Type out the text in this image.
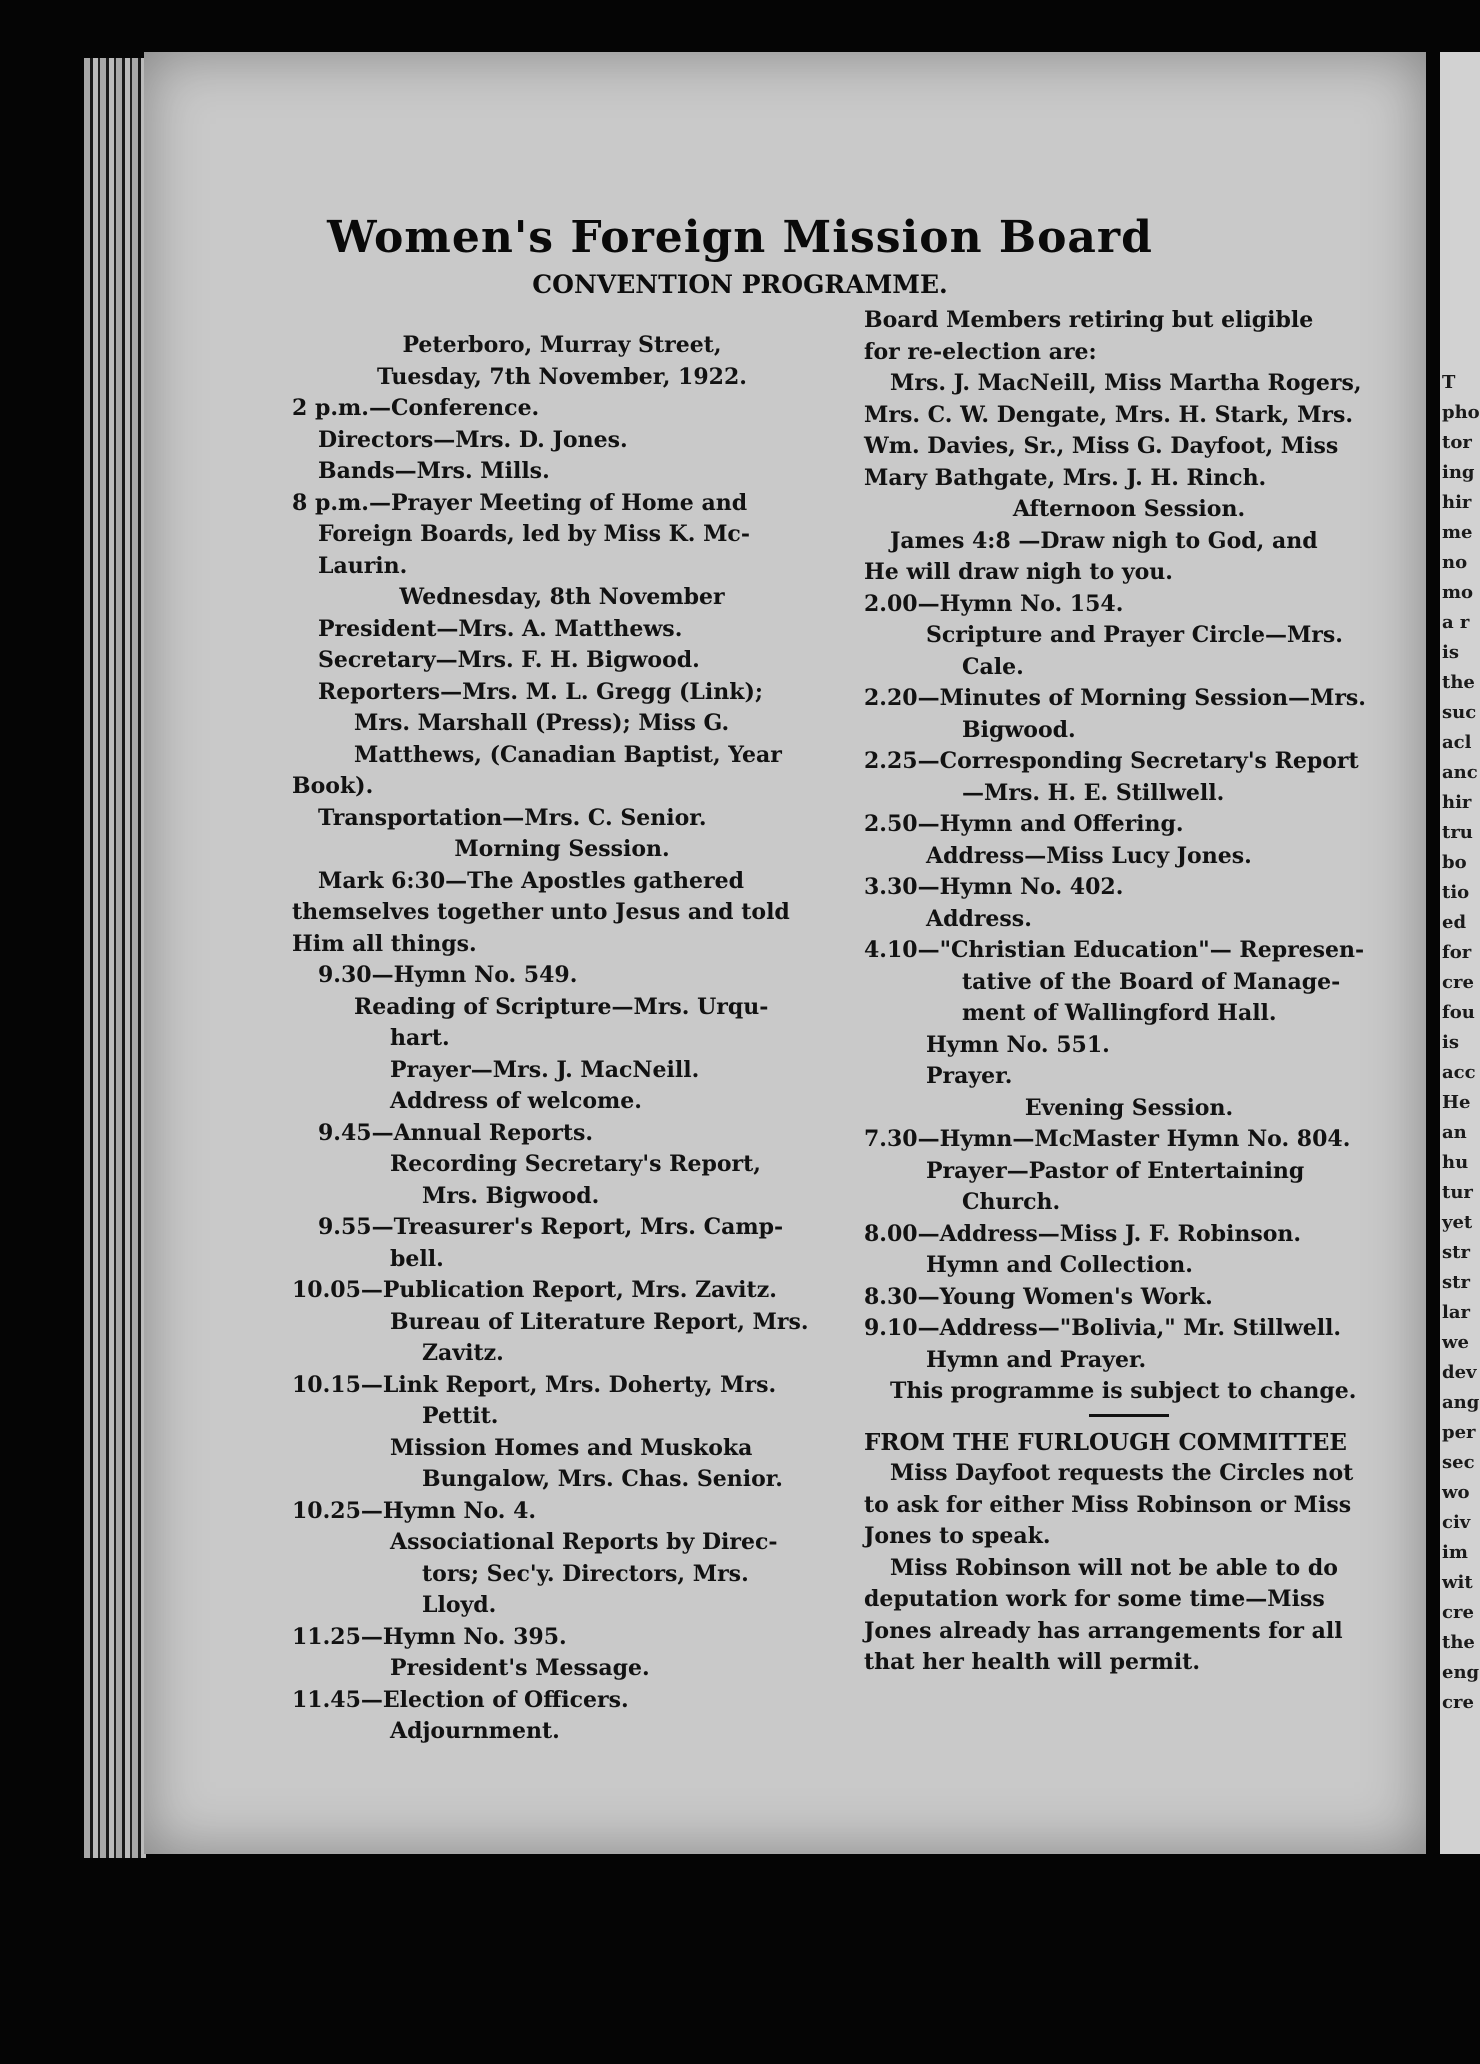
Women's Foreign Mission Board
CONVENTION PROGRAMME.
Peterboro, Murray Street,
Tuesday, 7th November, 1922.
2 p.m.—Conference.
Directors—Mrs. D. Jones.
Bands—Mrs. Mills.
8 p.m.—Prayer Meeting of Home and
Foreign Boards, led by Miss K. Mc-
Laurin.
Wednesday, 8th November
President—Mrs. A. Matthews.
Secretary—Mrs. F. H. Bigwood.
Reporters—Mrs. M. L. Gregg (Link);
Mrs. Marshall (Press); Miss G.
Matthews, (Canadian Baptist, Year
Book).
Transportation—Mrs. C. Senior.
Morning Session.
Mark 6:30—The Apostles gathered
themselves together unto Jesus and told
Him all things.
9.30—Hymn No. 549.
Reading of Scripture—Mrs. Urqu-
hart.
Prayer—Mrs. J. MacNeill.
Address of welcome.
9.45—Annual Reports.
Recording Secretary's Report,
Mrs. Bigwood.
9.55—Treasurer's Report, Mrs. Camp-
bell.
10.05—Publication Report, Mrs. Zavitz.
Bureau of Literature Report, Mrs.
Zavitz.
10.15—Link Report, Mrs. Doherty, Mrs.
Pettit.
Mission Homes and Muskoka
Bungalow, Mrs. Chas. Senior.
10.25—Hymn No. 4.
Associational Reports by Direc-
tors; Sec'y. Directors, Mrs.
Lloyd.
11.25—Hymn No. 395.
President's Message.
11.45—Election of Officers.
Adjournment.
Board Members retiring but eligible
for re-election are:
Mrs. J. MacNeill, Miss Martha Rogers,
Mrs. C. W. Dengate, Mrs. H. Stark, Mrs.
Wm. Davies, Sr., Miss G. Dayfoot, Miss
Mary Bathgate, Mrs. J. H. Rinch.
Afternoon Session.
James 4:8 —Draw nigh to God, and
He will draw nigh to you.
2.00—Hymn No. 154.
Scripture and Prayer Circle—Mrs.
Cale.
2.20—Minutes of Morning Session—Mrs.
Bigwood.
2.25—Corresponding Secretary's Report
—Mrs. H. E. Stillwell.
2.50—Hymn and Offering.
Address—Miss Lucy Jones.
3.30—Hymn No. 402.
Address.
4.10—"Christian Education"— Represen-
tative of the Board of Manage-
ment of Wallingford Hall.
Hymn No. 551.
Prayer.
Evening Session.
7.30—Hymn—McMaster Hymn No. 804.
Prayer—Pastor of Entertaining
Church.
8.00—Address—Miss J. F. Robinson.
Hymn and Collection.
8.30—Young Women's Work.
9.10—Address—"Bolivia," Mr. Stillwell.
Hymn and Prayer.
This programme is subject to change.
FROM THE FURLOUGH COMMITTEE
Miss Dayfoot requests the Circles not
to ask for either Miss Robinson or Miss
Jones to speak.
Miss Robinson will not be able to do
deputation work for some time—Miss
Jones already has arrangements for all
that her health will permit.
T
pho
tor
ing
hir
me
no
mo
a r
is
the
suc
acl
anc
hir
tru
bo
tio
ed
for
cre
fou
is
acc
He
an
hu
tur
yet
str
str
lar
we
dev
ang
per
sec
wo
civ
im
wit
cre
the
eng
cre
